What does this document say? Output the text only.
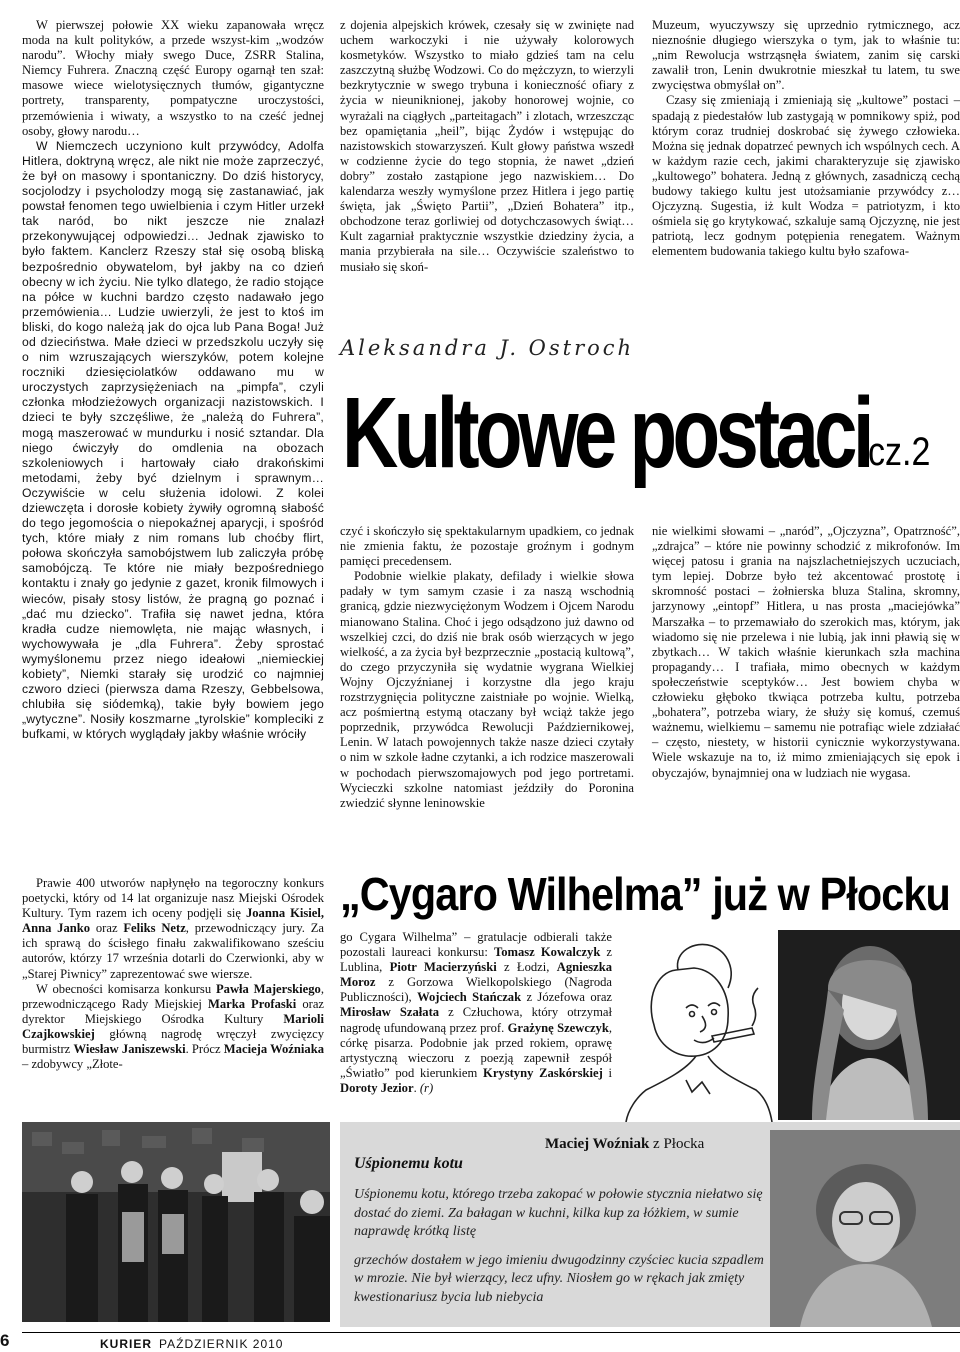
W pierwszej połowie XX wieku zapanowała wręcz moda na kult polityków, a przede wszyst-kim „wodzów narodu”. Włochy miały swego Duce, ZSRR Stalina, Niemcy Fuhrera. Znaczną część Europy ogarnął ten szał: masowe wiece wielotysięcznych tłumów, gigantyczne portrety, transparenty, pompatyczne uroczystości, przemówienia i wiwaty, a wszystko to na cześć jednej osoby, głowy narodu…

W Niemczech uczyniono kult przywódcy, Adolfa Hitlera, doktryną wręcz, ale nikt nie może zaprzeczyć, że był on masowy i spontaniczny. Do dziś historycy, socjolodzy i psycholodzy mogą się zastanawiać, jak powstał fenomen tego uwielbienia i czym Hitler urzekł tak naród, bo nikt jeszcze nie znalazł przekonywującej odpowiedzi… Jednak zjawisko to było faktem. Kanclerz Rzeszy stał się osobą bliską bezpośrednio obywatelom, był jakby na co dzień obecny w ich życiu. Nie tylko dlatego, że radio stojące na półce w kuchni bardzo często nadawało jego przemówienia… Ludzie uwierzyli, że jest to ktoś im bliski, do kogo należą jak do ojca lub Pana Boga! Już od dzieciństwa. Małe dzieci w przedszkolu uczyły się o nim wzruszających wierszyków, potem kolejne roczniki dziesięciolatków oddawano mu w uroczystych zaprzysiężeniach na „pimpfa”, czyli członka młodzieżowych organizacji nazistowskich. I dzieci te były szczęśliwe, że „należą do Fuhrera”, mogą maszerować w mundurku i nosić sztandar. Dla niego ćwiczyły do omdlenia na obozach szkoleniowych i hartowały ciało drakońskimi metodami, żeby być dzielnym i sprawnym… Oczywiście w celu służenia idolowi. Z kolei dziewczęta i dorosłe kobiety żywiły ogromną słabość do tego jegomościa o niepokaźnej aparycji, i spośród tych, które miały z nim romans lub choćby flirt, połowa skończyła samobójstwem lub zaliczyła próbę samobójczą. Te które nie miały bezpośredniego kontaktu i znały go jedynie z gazet, kronik filmowych i wieców, pisały stosy listów, że pragną go poznać i „dać mu dziecko”. Trafiła się nawet jedna, która kradła cudze niemowlęta, nie mając własnych, i wychowywała je „dla Fuhrera”. Żeby sprostać wymyślonemu przez niego ideałowi „niemieckiej kobiety”, Niemki starały się urodzić co najmniej czworo dzieci (pierwsza dama Rzeszy, Gebbelsowa, chlubiła się siódemką), takie były bowiem jego „wytyczne”. Nosiły koszmarne „tyrolskie” kompleciki z bufkami, w których wyglądały jakby właśnie wróciły

z dojenia alpejskich krówek, czesały się w zwinięte nad uchem warkoczyki i nie używały kolorowych kosmetyków. Wszystko to miało gdzieś tam na celu zaszczytną służbę Wodzowi. Co do mężczyzn, to wierzyli bezkrytycznie w swego trybuna i konieczność ofiary z życia w nieuniknionej, jakoby honorowej wojnie, co wyrażali na ciągłych „parteitagach” i zlotach, wrzeszcząc bez opamiętania „heil”, bijąc Żydów i wstępując do nazistowskich stowarzyszeń. Kult głowy państwa wszedł w codzienne życie do tego stopnia, że nawet „dzień dobry” zostało zastąpione jego nazwiskiem… Do kalendarza weszły wymyślone przez Hitlera i jego partię święta, jak „Święto Partii”, „Dzień Bohatera” itp., obchodzone teraz gorliwiej od dotychczasowych świąt… Kult zagarniał praktycznie wszystkie dziedziny życia, a mania przybierała na sile… Oczywiście szaleństwo to musiało się skoń-

Muzeum, wyuczywszy się uprzednio rytmicznego, acz nieznośnie długiego wierszyka o tym, jak to właśnie tu: „nim Rewolucja wstrząsnęła światem, zanim się carski zawalił tron, Lenin dwukrotnie mieszkał tu latem, tu swe zwycięstwa obmyślał on”.

Czasy się zmieniają i zmieniają się „kultowe” postaci – spadają z piedestałów lub zastygają w pomnikowy spiż, pod którym coraz trudniej doskrobać się żywego człowieka. Można się jednak dopatrzeć pewnych ich wspólnych cech. A w każdym razie cech, jakimi charakteryzuje się zjawisko „kultowego” bohatera. Jedną z głównych, zasadniczą cechą budowy takiego kultu jest utożsamianie przywódcy z… Ojczyzną. Sugestia, iż kult Wodza = patriotyzm, i kto ośmiela się go krytykować, szkaluje samą Ojczyznę, nie jest patriotą, lecz godnym potępienia renegatem. Ważnym elementem budowania takiego kultu było szafowa-

Aleksandra J. Ostroch
Kultowe postaci
cz.2

czyć i skończyło się spektakularnym upadkiem, co jednak nie zmienia faktu, że pozostaje groźnym i godnym pamięci precedensem.

Podobnie wielkie plakaty, defilady i wielkie słowa padały w tym samym czasie i za naszą wschodnią granicą, gdzie niezwyciężonym Wodzem i Ojcem Narodu mianowano Stalina. Choć i jego odsądzono już dawno od wszelkiej czci, do dziś nie brak osób wierzących w jego wielkość, a za życia był bezprzecznie „postacią kultową”, do czego przyczyniła się wydatnie wygrana Wielkiej Wojny Ojczyźnianej i korzystne dla jego kraju rozstrzygnięcia polityczne zaistniałe po wojnie. Wielką, acz pośmiertną estymą otaczany był wciąż także jego poprzednik, przywódca Rewolucji Październikowej, Lenin. W latach powojennych także nasze dzieci czytały o nim w szkole ładne czytanki, a ich rodzice maszerowali w pochodach pierwszomajowych pod jego portretami. Wycieczki szkolne natomiast jeździły do Poronina zwiedzić słynne leninowskie

nie wielkimi słowami – „naród”, „Ojczyzna”, Opatrzność”, „zdrajca” – które nie powinny schodzić z mikrofonów. Im więcej patosu i grania na najszlachetniejszych uczuciach, tym lepiej. Dobrze było też akcentować prostotę i skromność postaci – żołnierska bluza Stalina, skromny, jarzynowy „eintopf” Hitlera, u nas prosta „maciejówka” Marszałka – to przemawiało do szerokich mas, którym, jak wiadomo się nie przelewa i nie lubią, jak inni pławią się w zbytkach… W takich właśnie kierunkach szła machina propagandy… I trafiała, mimo obecnych w każdym społeczeństwie sceptyków… Jest bowiem chyba w człowieku głęboko tkwiąca potrzeba kultu, potrzeba „bohatera”, potrzeba wiary, że służy się komuś, czemuś ważnemu, wielkiemu – samemu nie potrafiąc wiele zdziałać – często, niestety, w historii cynicznie wykorzystywana. Wiele wskazuje na to, iż mimo zmieniających się epok i obyczajów, bynajmniej ona w ludziach nie wygasa.

„Cygaro Wilhelma” już w Płocku

Prawie 400 utworów napłynęło na tegoroczny konkurs poetycki, który od 14 lat organizuje nasz Miejski Ośrodek Kultury. Tym razem ich oceny podjęli się Joanna Kisiel, Anna Janko oraz Feliks Netz, przewodniczący jury. Za ich sprawą do ścisłego finału zakwalifikowano sześciu autorów, którzy 17 września dotarli do Czerwionki, aby w „Starej Piwnicy” zaprezentować swe wiersze.

W obecności komisarza konkursu Pawła Majerskiego, przewodniczącego Rady Miejskiej Marka Profaski oraz dyrektor Miejskiego Ośrodka Kultury Marioli Czajkowskiej główną nagrodę wręczył zwycięzcy burmistrz Wiesław Janiszewski. Prócz Macieja Woźniaka – zdobywcy „Złote-

go Cygara Wilhelma” – gratulacje odbierali także pozostali laureaci konkursu: Tomasz Kowalczyk z Lublina, Piotr Macierzyński z Łodzi, Agnieszka Moroz z Gorzowa Wielkopolskiego (Nagroda Publiczności), Wojciech Stańczak z Józefowa oraz Mirosław Szałata z Człuchowa, który otrzymał nagrodę ufundowaną przez prof. Grażynę Szewczyk, córkę pisarza. Podobnie jak przed rokiem, oprawę artystyczną wieczoru z poezją zapewnił zespół „Światło” pod kierunkiem Krystyny Zaskórskiej i Doroty Jezior. (r)

Maciej Woźniak z Płocka
Uśpionemu kotu

Uśpionemu kotu, którego trzeba zakopać w połowie stycznia niełatwo się dostać do ziemi. Za bałagan w kuchni, kilka kup za łóżkiem, w sumie naprawdę krótką listę

grzechów dostałem w jego imieniu dwugodzinny czyściec kucia szpadlem w mrozie. Nie był wierzący, lecz ufny. Niosłem go w rękach jak zmięty kwestionariusz bycia lub niebycia

6	KURIER PAŹDZIERNIK 2010
